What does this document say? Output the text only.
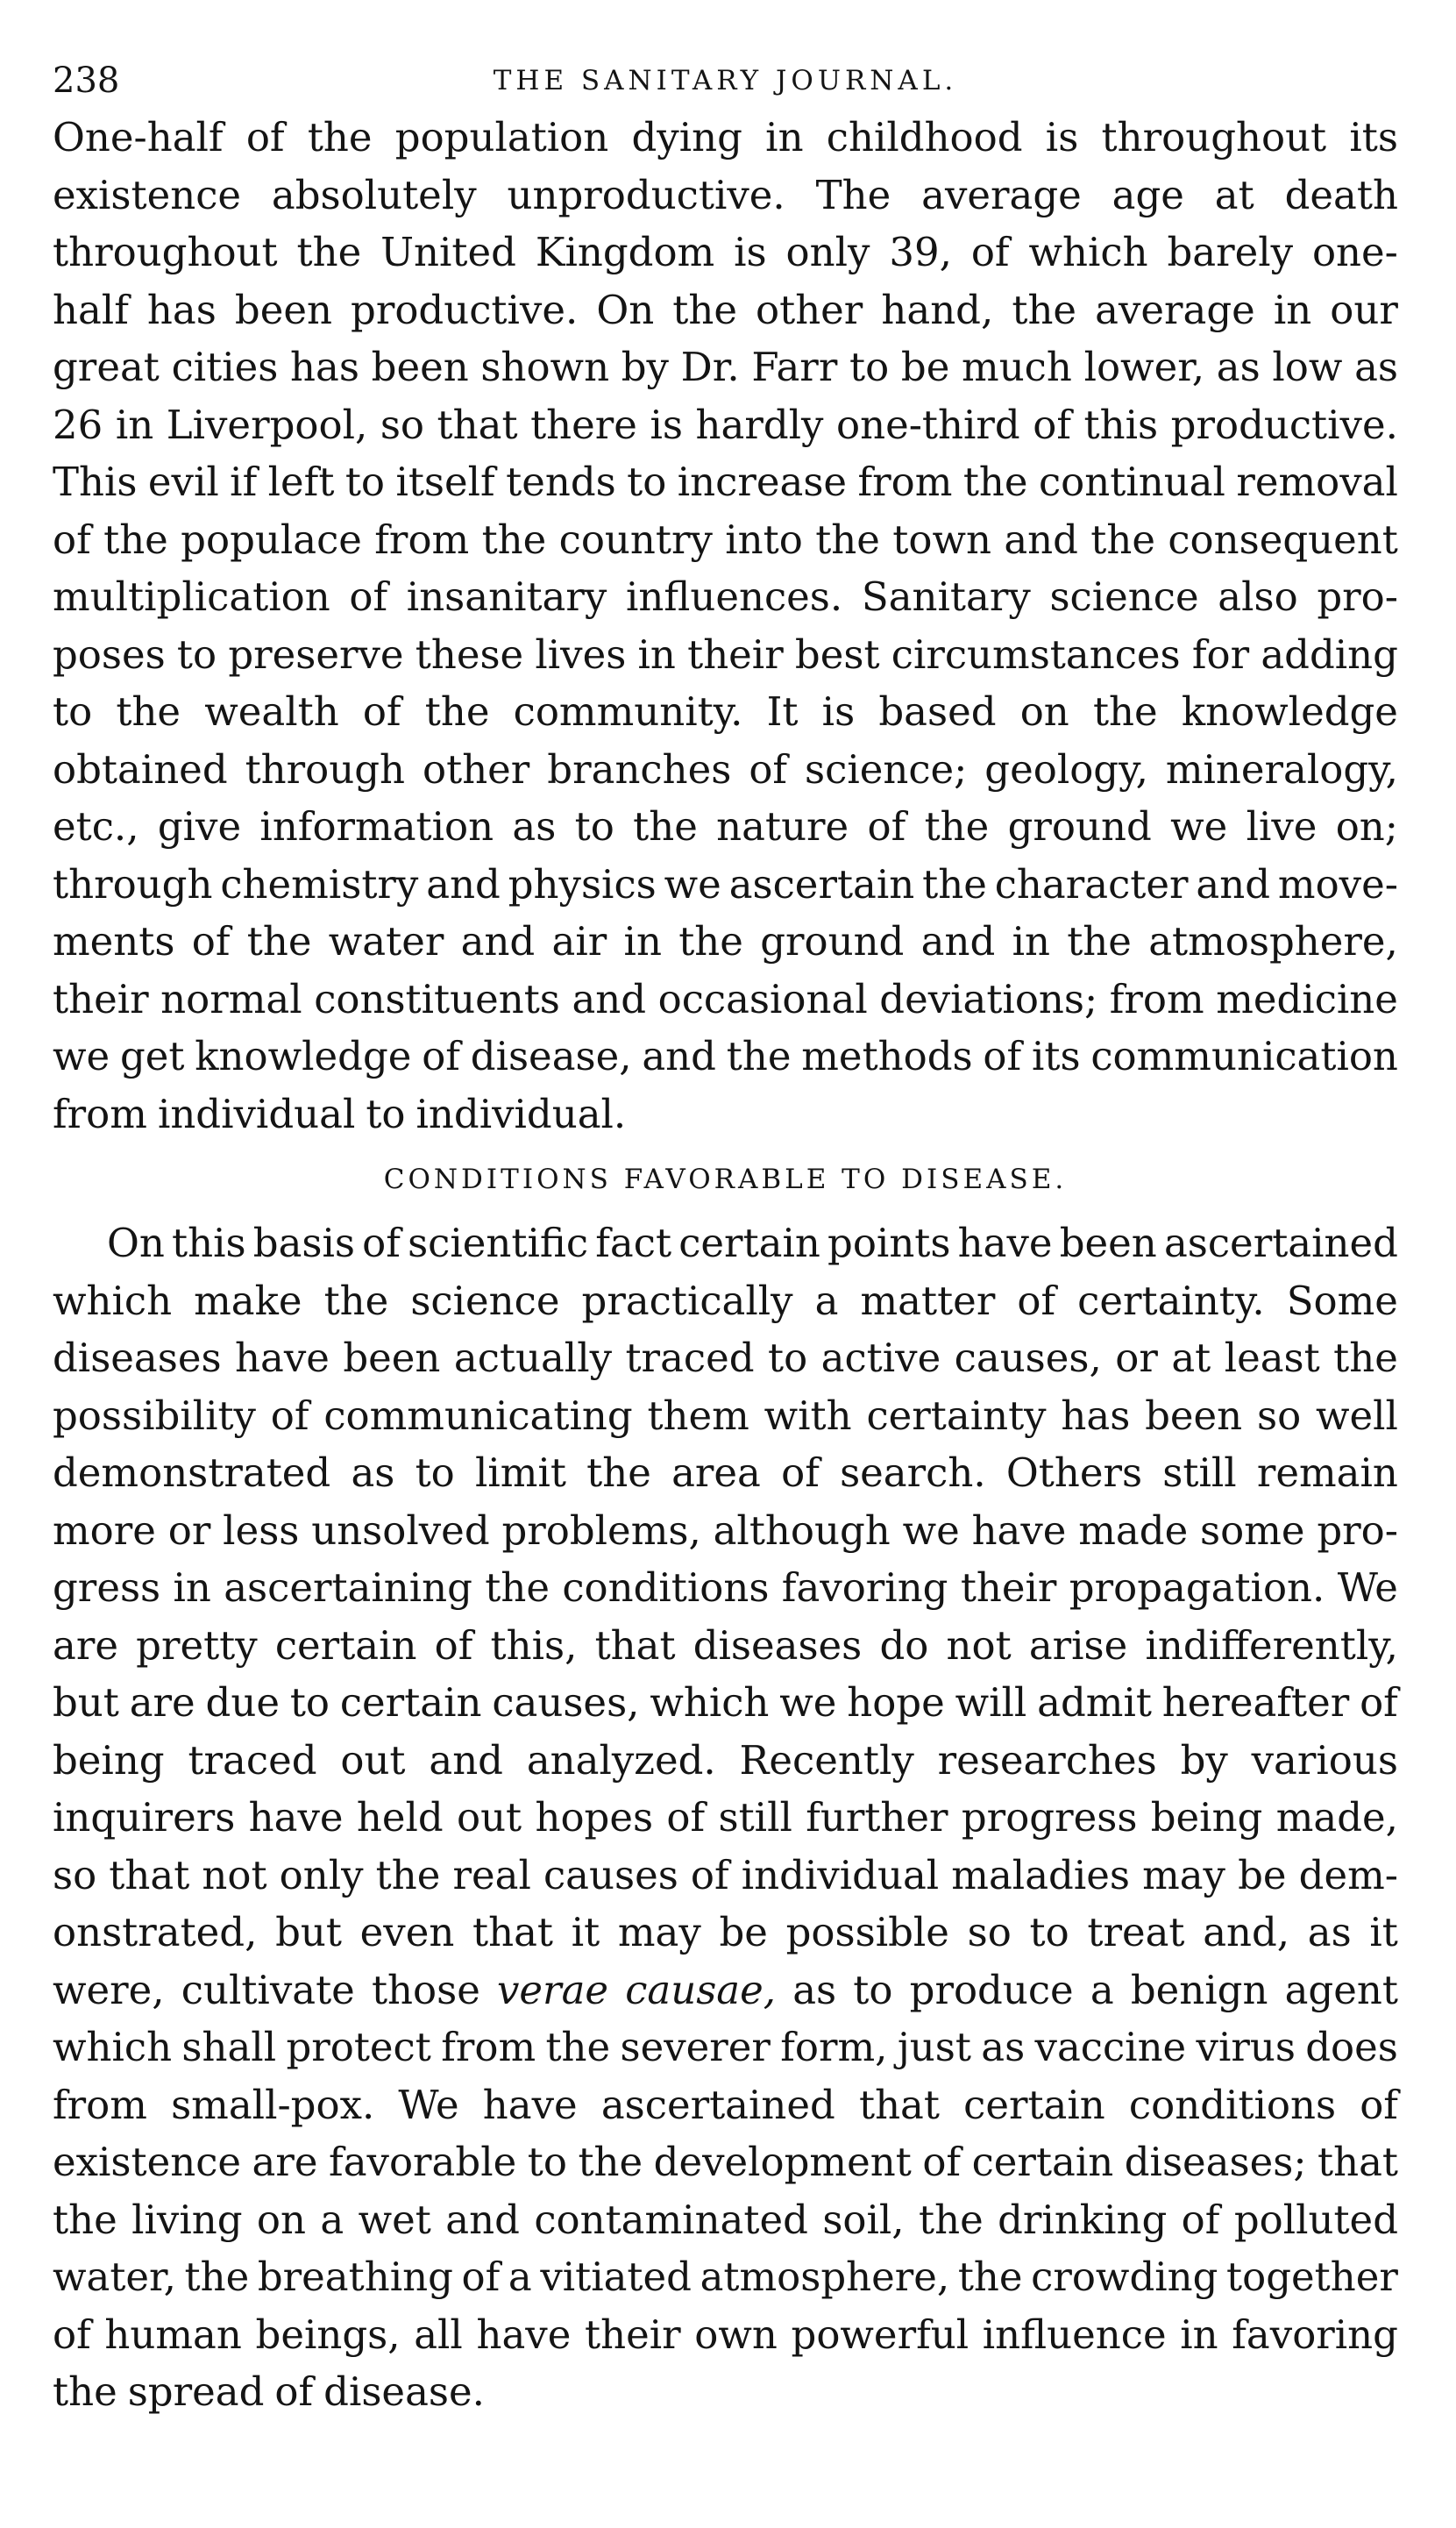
238	THE SANITARY JOURNAL.
One-half of the population dying in childhood is throughout its
existence absolutely unproductive. The average age at death
throughout the United Kingdom is only 39, of which barely one-
half has been productive. On the other hand, the average in our
great cities has been shown by Dr. Farr to be much lower, as low as
26 in Liverpool, so that there is hardly one-third of this productive.
This evil if left to itself tends to increase from the continual removal
of the populace from the country into the town and the consequent
multiplication of insanitary influences. Sanitary science also pro-
poses to preserve these lives in their best circumstances for adding
to the wealth of the community. It is based on the knowledge
obtained through other branches of science; geology, mineralogy,
etc., give information as to the nature of the ground we live on;
through chemistry and physics we ascertain the character and move-
ments of the water and air in the ground and in the atmosphere,
their normal constituents and occasional deviations; from medicine
we get knowledge of disease, and the methods of its communication
from individual to individual.
CONDITIONS FAVORABLE TO DISEASE.
On this basis of scientific fact certain points have been ascertained
which make the science practically a matter of certainty. Some
diseases have been actually traced to active causes, or at least the
possibility of communicating them with certainty has been so well
demonstrated as to limit the area of search. Others still remain
more or less unsolved problems, although we have made some pro-
gress in ascertaining the conditions favoring their propagation. We
are pretty certain of this, that diseases do not arise indifferently,
but are due to certain causes, which we hope will admit hereafter of
being traced out and analyzed. Recently researches by various
inquirers have held out hopes of still further progress being made,
so that not only the real causes of individual maladies may be dem-
onstrated, but even that it may be possible so to treat and, as it
were, cultivate those verae causae, as to produce a benign agent
which shall protect from the severer form, just as vaccine virus does
from small-pox. We have ascertained that certain conditions of
existence are favorable to the development of certain diseases; that
the living on a wet and contaminated soil, the drinking of polluted
water, the breathing of a vitiated atmosphere, the crowding together
of human beings, all have their own powerful influence in favoring
the spread of disease.
